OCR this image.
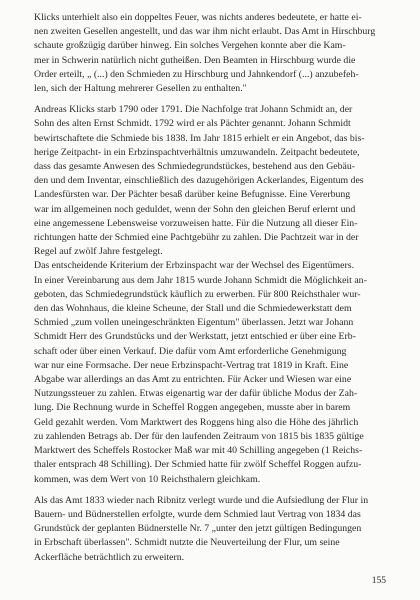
Klicks unterhielt also ein doppeltes Feuer, was nichts anderes bedeutete, er hatte ei-

nen zweiten Gesellen angestellt, und das war ihm nicht erlaubt. Das Amt in Hirschburg

schaute großzügig darüber hinweg. Ein solches Vergehen konnte aber die Kam-

mer in Schwerin natürlich nicht gutheißen. Den Beamten in Hirschburg wurde die

Order erteilt, „ (...) den Schmieden zu Hirschburg und Jahnkendorf (...) anzubefeh-

len, sich der Haltung mehrerer Gesellen zu enthalten."

Andreas Klicks starb 1790 oder 1791. Die Nachfolge trat Johann Schmidt an, der

Sohn des alten Ernst Schmidt. 1792 wird er als Pächter genannt. Johann Schmidt

bewirtschaftete die Schmiede bis 1838. Im Jahr 1815 erhielt er ein Angebot, das bis-

herige Zeitpacht- in ein Erbzinspachtverhältnis umzuwandeln. Zeitpacht bedeutete,

dass das gesamte Anwesen des Schmiedegrundstückes, bestehend aus den Gebäu-

den und dem Inventar, einschließlich des dazugehörigen Ackerlandes, Eigentum des

Landesfürsten war. Der Pächter besaß darüber keine Befugnisse. Eine Vererbung

war im allgemeinen noch geduldet, wenn der Sohn den gleichen Beruf erlernt und

eine angemessene Lebensweise vorzuweisen hatte. Für die Nutzung all dieser Ein-

richtungen hatte der Schmied eine Pachtgebühr zu zahlen. Die Pachtzeit war in der

Regel auf zwölf Jahre festgelegt.

Das entscheidende Kriterium der Erbzinspacht war der Wechsel des Eigentümers.

In einer Vereinbarung aus dem Jahr 1815 wurde Johann Schmidt die Möglichkeit an-

geboten, das Schmiedegrundstück käuflich zu erwerben. Für 800 Reichsthaler wur-

den das Wohnhaus, die kleine Scheune, der Stall und die Schmiedewerkstatt dem

Schmied „zum vollen uneingeschränkten Eigentum" überlassen. Jetzt war Johann

Schmidt Herr des Grundstücks und der Werkstatt, jetzt entschied er über eine Erb-

schaft oder über einen Verkauf. Die dafür vom Amt erforderliche Genehmigung

war nur eine Formsache. Der neue Erbzinspacht-Vertrag trat 1819 in Kraft. Eine

Abgabe war allerdings an das Amt zu entrichten. Für Acker und Wiesen war eine

Nutzungssteuer zu zahlen. Etwas eigenartig war der dafür übliche Modus der Zah-

lung. Die Rechnung wurde in Scheffel Roggen angegeben, musste aber in barem

Geld gezahlt werden. Vom Marktwert des Roggens hing also die Höhe des jährlich

zu zahlenden Betrags ab. Der für den laufenden Zeitraum von 1815 bis 1835 gültige

Marktwert des Scheffels Rostocker Maß war mit 40 Schilling angegeben (1 Reichs-

thaler entsprach 48 Schilling). Der Schmied hatte für zwölf Scheffel Roggen aufzu-

kommen, was dem Wert von 10 Reichsthalern gleichkam.

Als das Amt 1833 wieder nach Ribnitz verlegt wurde und die Aufsiedlung der Flur in

Bauern- und Büdnerstellen erfolgte, wurde dem Schmied laut Vertrag von 1834 das

Grundstück der geplanten Büdnerstelle Nr. 7 „unter den jetzt gültigen Bedingungen

in Erbschaft überlassen". Schmidt nutzte die Neuverteilung der Flur, um seine

Ackerfläche beträchtlich zu erweitern.

155
